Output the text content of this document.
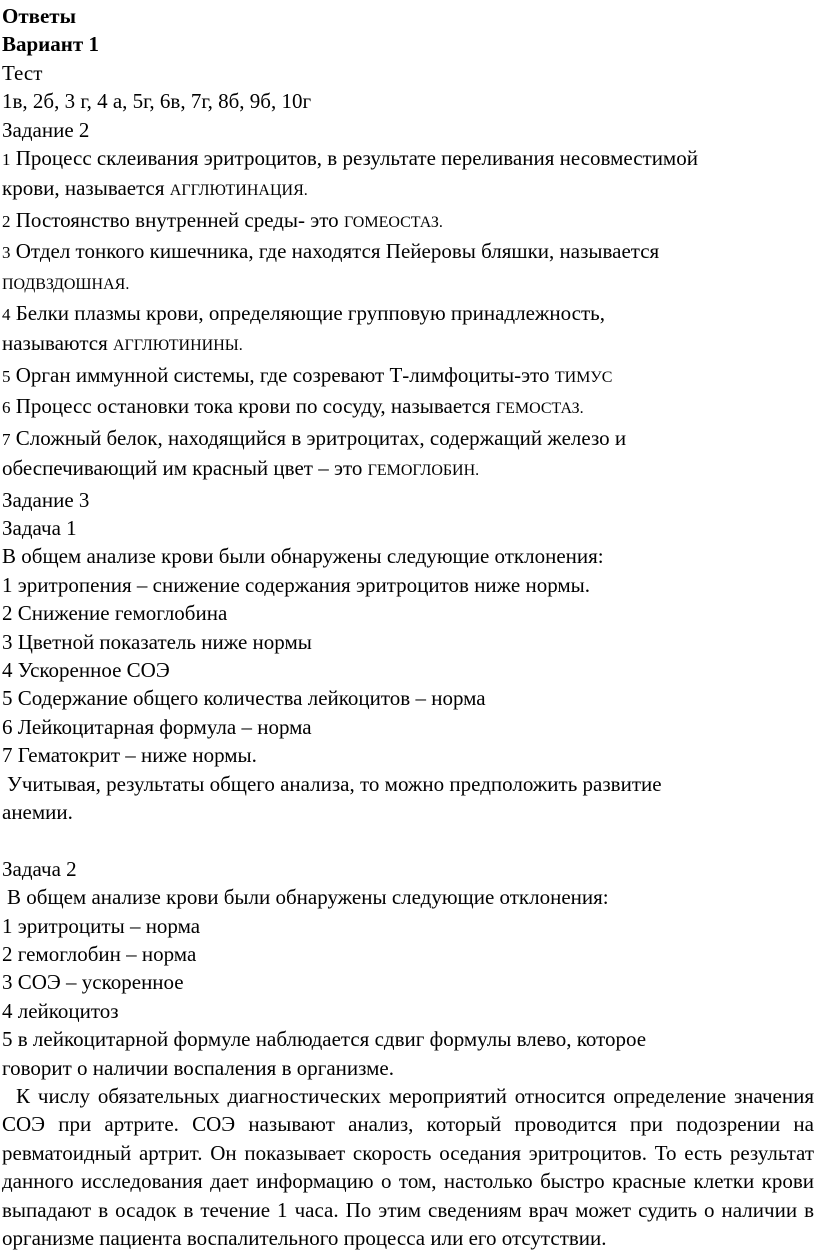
Ответы
Вариант 1
Тест
1в, 2б, 3 г, 4 а, 5г, 6в, 7г, 8б, 9б, 10г
Задание 2
1 Процесс склеивания эритроцитов, в результате переливания несовместимой
крови, называется АГГЛЮТИНАЦИЯ.
2 Постоянство внутренней среды- это ГОМЕОСТАЗ.
3 Отдел тонкого кишечника, где находятся Пейеровы бляшки, называется
ПОДВЗДОШНАЯ.
4 Белки плазмы крови, определяющие групповую принадлежность,
называются АГГЛЮТИНИНЫ.
5 Орган иммунной системы, где созревают Т-лимфоциты-это ТИМУС
6 Процесс остановки тока крови по сосуду, называется ГЕМОСТАЗ.
7 Сложный белок, находящийся в эритроцитах, содержащий железо и
обеспечивающий им красный цвет – это ГЕМОГЛОБИН.
Задание 3
Задача 1
В общем анализе крови были обнаружены следующие отклонения:
1 эритропения – снижение содержания эритроцитов ниже нормы.
2 Снижение гемоглобина
3 Цветной показатель ниже нормы
4 Ускоренное СОЭ
5 Содержание общего количества лейкоцитов – норма
6 Лейкоцитарная формула – норма
7 Гематокрит – ниже нормы.
Учитывая, результаты общего анализа, то можно предположить развитие
анемии.
Задача 2
В общем анализе крови были обнаружены следующие отклонения:
1 эритроциты – норма
2 гемоглобин – норма
3 СОЭ – ускоренное
4 лейкоцитоз
5 в лейкоцитарной формуле наблюдается сдвиг формулы влево, которое
говорит о наличии воспаления в организме.
К числу обязательных диагностических мероприятий относится определение значения СОЭ при артрите. СОЭ называют анализ, который проводится при подозрении на ревматоидный артрит. Он показывает скорость оседания эритроцитов. То есть результат данного исследования дает информацию о том, настолько быстро красные клетки крови выпадают в осадок в течение 1 часа. По этим сведениям врач может судить о наличии в организме пациента воспалительного процесса или его отсутствии.
